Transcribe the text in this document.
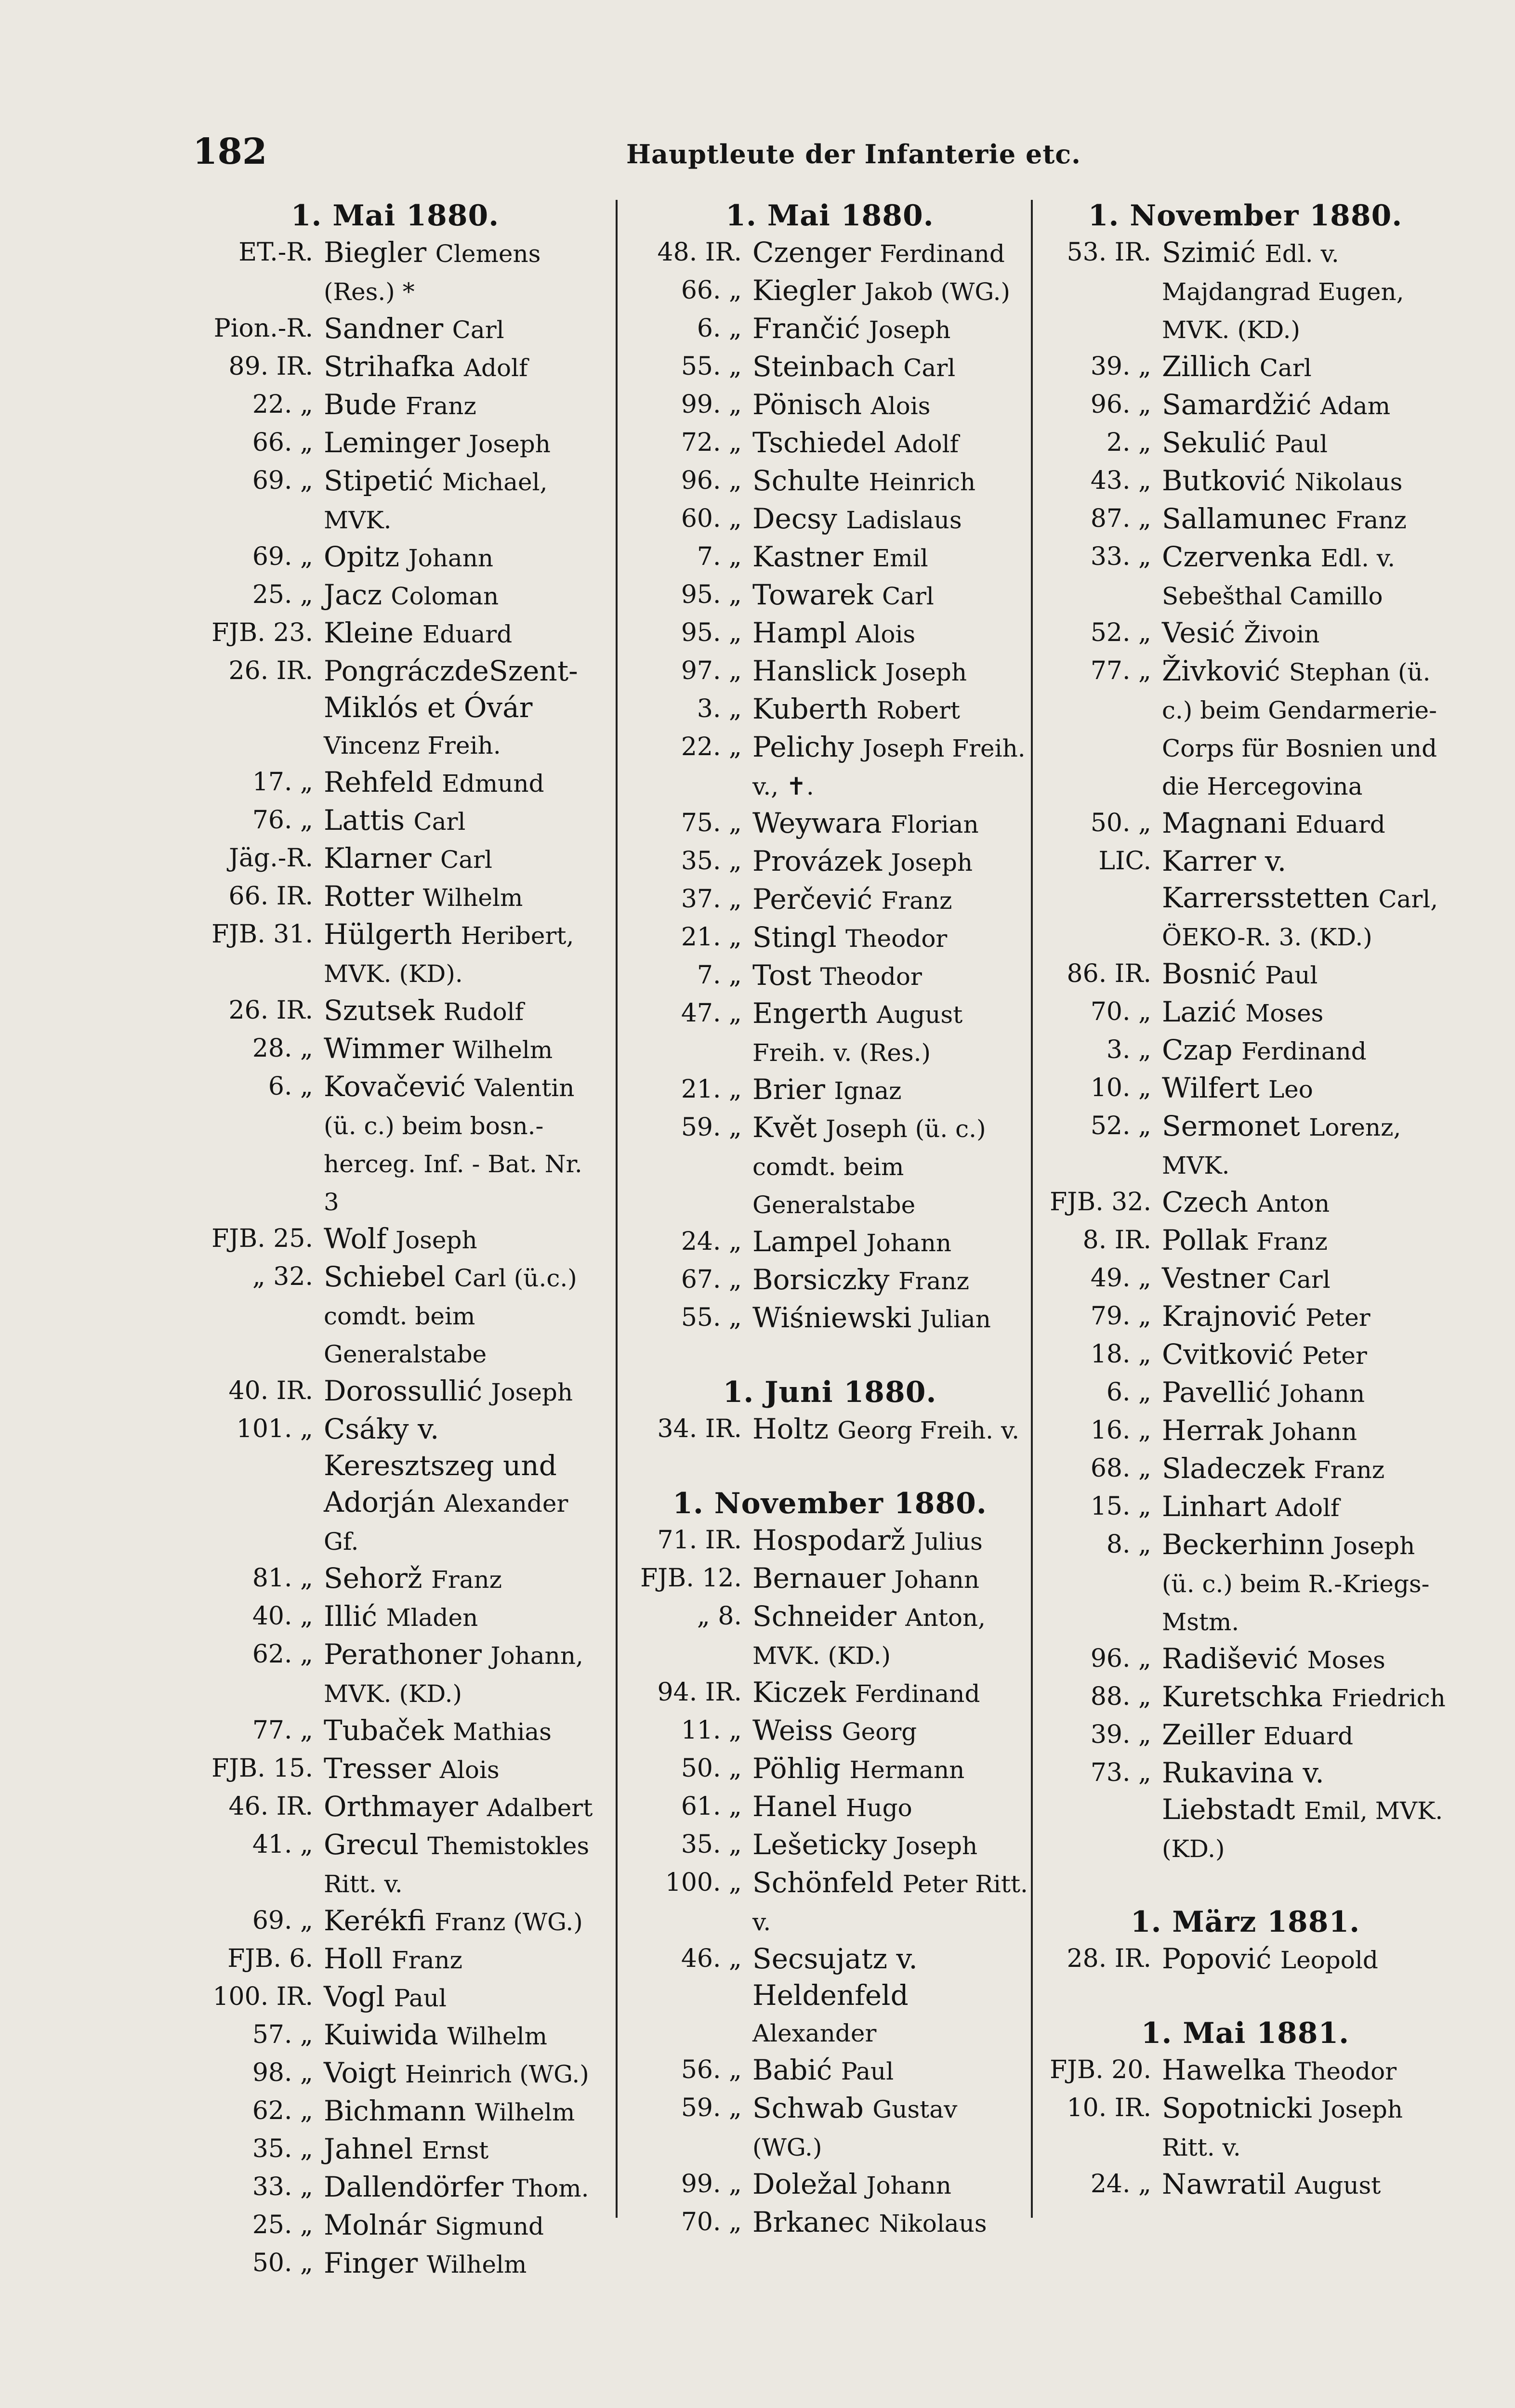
182	Hauptleute der Infanterie etc.
1. Mai 1880.
ET.-R. Biegler Clemens (Res.) *
Pion.-R. Sandner Carl
89. IR. Strihafka Adolf
22. „ Bude Franz
66. „ Leminger Joseph
69. „ Stipetić Michael, MVK.
69. „ Opitz Johann
25. „ Jacz Coloman
FJB. 23. Kleine Eduard
26. IR. PongráczdeSzent-Miklós et Óvár Vincenz Freih.
17. „ Rehfeld Edmund
76. „ Lattis Carl
Jäg.-R. Klarner Carl
66. IR. Rotter Wilhelm
FJB. 31. Hülgerth Heribert, MVK. (KD).
26. IR. Szutsek Rudolf
28. „ Wimmer Wilhelm
6. „ Kovačević Valentin (ü. c.) beim bosn.-herceg. Inf. - Bat. Nr. 3
FJB. 25. Wolf Joseph
„ 32. Schiebel Carl (ü.c.) comdt. beim Generalstabe
40. IR. Dorossullić Joseph
101. „ Csáky v. Keresztszeg und Adorján Alexander Gf.
81. „ Sehorž Franz
40. „ Illić Mladen
62. „ Perathoner Johann, MVK. (KD.)
77. „ Tubaček Mathias
FJB. 15. Tresser Alois
46. IR. Orthmayer Adalbert
41. „ Grecul Themistokles Ritt. v.
69. „ Kerékfi Franz (WG.)
FJB. 6. Holl Franz
100. IR. Vogl Paul
57. „ Kuiwida Wilhelm
98. „ Voigt Heinrich (WG.)
62. „ Bichmann Wilhelm
35. „ Jahnel Ernst
33. „ Dallendörfer Thom.
25. „ Molnár Sigmund
50. „ Finger Wilhelm
1. Mai 1880.
48. IR. Czenger Ferdinand
66. „ Kiegler Jakob (WG.)
6. „ Frančić Joseph
55. „ Steinbach Carl
99. „ Pönisch Alois
72. „ Tschiedel Adolf
96. „ Schulte Heinrich
60. „ Decsy Ladislaus
7. „ Kastner Emil
95. „ Towarek Carl
95. „ Hampl Alois
97. „ Hanslick Joseph
3. „ Kuberth Robert
22. „ Pelichy Joseph Freih. v., ✝.
75. „ Weywara Florian
35. „ Provázek Joseph
37. „ Perčević Franz
21. „ Stingl Theodor
7. „ Tost Theodor
47. „ Engerth August Freih. v. (Res.)
21. „ Brier Ignaz
59. „ Květ Joseph (ü. c.) comdt. beim Generalstabe
24. „ Lampel Johann
67. „ Borsiczky Franz
55. „ Wiśniewski Julian
1. Juni 1880.
34. IR. Holtz Georg Freih. v.
1. November 1880.
71. IR. Hospodarž Julius
FJB. 12. Bernauer Johann
„ 8. Schneider Anton, MVK. (KD.)
94. IR. Kiczek Ferdinand
11. „ Weiss Georg
50. „ Pöhlig Hermann
61. „ Hanel Hugo
35. „ Lešeticky Joseph
100. „ Schönfeld Peter Ritt. v.
46. „ Secsujatz v. Heldenfeld Alexander
56. „ Babić Paul
59. „ Schwab Gustav (WG.)
99. „ Doležal Johann
70. „ Brkanec Nikolaus
1. November 1880.
53. IR. Szimić Edl. v. Majdangrad Eugen, MVK. (KD.)
39. „ Zillich Carl
96. „ Samardžić Adam
2. „ Sekulić Paul
43. „ Butković Nikolaus
87. „ Sallamunec Franz
33. „ Czervenka Edl. v. Sebešthal Camillo
52. „ Vesić Živoin
77. „ Živković Stephan (ü. c.) beim Gendarmerie-Corps für Bosnien und die Hercegovina
50. „ Magnani Eduard
LIC. Karrer v. Karrersstetten Carl, ÖEKO-R. 3. (KD.)
86. IR. Bosnić Paul
70. „ Lazić Moses
3. „ Czap Ferdinand
10. „ Wilfert Leo
52. „ Sermonet Lorenz, MVK.
FJB. 32. Czech Anton
8. IR. Pollak Franz
49. „ Vestner Carl
79. „ Krajnović Peter
18. „ Cvitković Peter
6. „ Pavellić Johann
16. „ Herrak Johann
68. „ Sladeczek Franz
15. „ Linhart Adolf
8. „ Beckerhinn Joseph (ü. c.) beim R.-Kriegs-Mstm.
96. „ Radišević Moses
88. „ Kuretschka Friedrich
39. „ Zeiller Eduard
73. „ Rukavina v. Liebstadt Emil, MVK. (KD.)
1. März 1881.
28. IR. Popović Leopold
1. Mai 1881.
FJB. 20. Hawelka Theodor
10. IR. Sopotnicki Joseph Ritt. v.
24. „ Nawratil August
